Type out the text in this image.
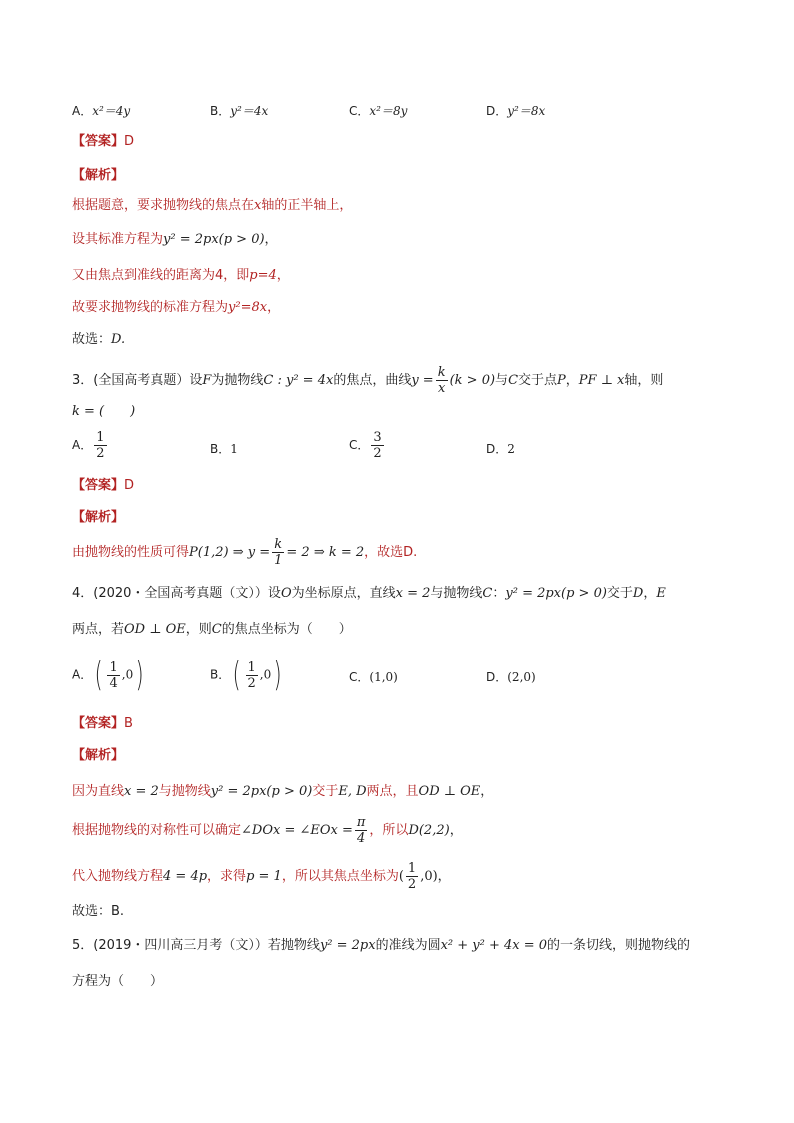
A．x²＝4y	B．y²＝4x	C．x²＝8y	D．y²＝8x
【答案】D
【解析】
根据题意，要求抛物线的焦点在x轴的正半轴上，
设其标准方程为y² = 2px(p > 0)，
又由焦点到准线的距离为4，即p=4，
故要求抛物线的标准方程为y²=8x，
故选：D.
3．(全国高考真题）设F为抛物线C : y² = 4x的焦点，曲线$y = \frac{k}{x} (k > 0)$与C交于点P，PF ⊥ x轴，则
k = (　　)
A． $\frac{1}{2}$	B．1	C． $\frac{3}{2}$	D．2
【答案】D
【解析】
由抛物线的性质可得P(1,2) ⇒ $y = \frac{k}{1} = 2$ ⇒ k = 2，故选D.
4．(2020・全国高考真题（文））设O为坐标原点，直线x = 2与抛物线C：y² = 2px(p > 0)交于D，E
两点，若OD ⊥ OE，则C的焦点坐标为（　　）
A．( $\frac{1}{4} ,0$)	B．( $\frac{1}{2} ,0$)	C．(1,0)	D．(2,0)
【答案】B
【解析】
因为直线x = 2与抛物线y² = 2px(p > 0)交于E, D两点，且OD ⊥ OE，
根据抛物线的对称性可以确定∠DOx = ∠EOx = $\frac{\pi}{4}$ ，所以D(2,2)，
代入抛物线方程4 = 4p，求得p = 1，所以其焦点坐标为( $\frac{1}{2} ,0$)，
故选：B.
5．(2019・四川高三月考（文））若抛物线y² = 2px的准线为圆x² + y² + 4x = 0的一条切线，则抛物线的
方程为（　　）
